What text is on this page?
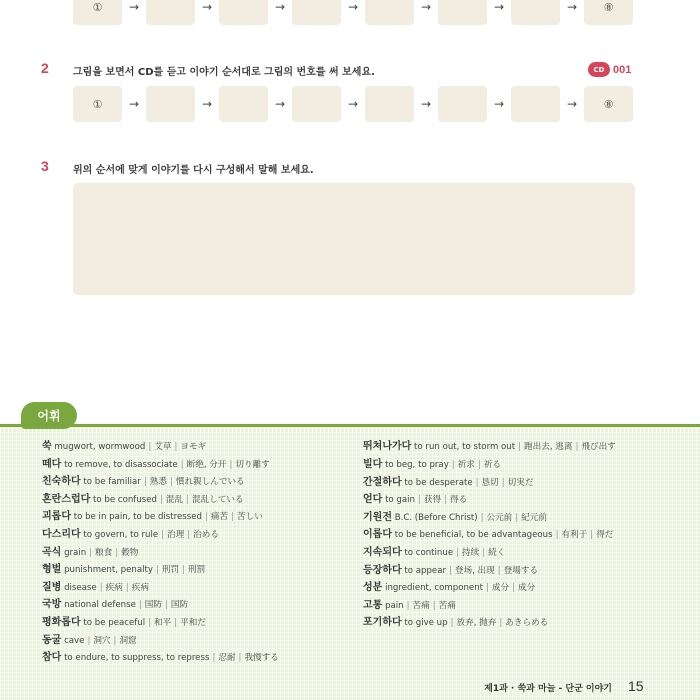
①	→	→	→	→	→	→	→	⑧
2 그림을 보면서 CD를 듣고 이야기 순서대로 그림의 번호를 써 보세요.	CD 001
①	→	→	→	→	→	→	→	⑧
3 위의 순서에 맞게 이야기를 다시 구성해서 말해 보세요.
어휘
쑥 mugwort, wormwood | 艾草 | ヨモギ
떼다 to remove, to disassociate | 断绝, 分开 | 切り離す
친숙하다 to be familiar | 熟悉 | 慣れ親しんでいる
혼란스럽다 to be confused | 混乱 | 混乱している
괴롭다 to be in pain, to be distressed | 痛苦 | 苦しい
다스리다 to govern, to rule | 治理 | 治める
곡식 grain | 粮食 | 穀物
형벌 punishment, penalty | 刑罚 | 刑罰
질병 disease | 疾病 | 疾病
국방 national defense | 国防 | 国防
평화롭다 to be peaceful | 和平 | 平和だ
동굴 cave | 洞穴 | 洞窟
참다 to endure, to suppress, to repress | 忍耐 | 我慢する
뛰쳐나가다 to run out, to storm out | 跑出去, 逃离 | 飛び出す
빌다 to beg, to pray | 祈求 | 祈る
간절하다 to be desperate | 恳切 | 切実だ
얻다 to gain | 获得 | 得る
기원전 B.C. (Before Christ) | 公元前 | 紀元前
이롭다 to be beneficial, to be advantageous | 有利于 | 得だ
지속되다 to continue | 持续 | 続く
등장하다 to appear | 登场, 出现 | 登場する
성분 ingredient, component | 成分 | 成分
고통 pain | 苦痛 | 苦痛
포기하다 to give up | 放弃, 抛弃 | あきらめる
제1과 · 쑥과 마늘 - 단군 이야기 15
